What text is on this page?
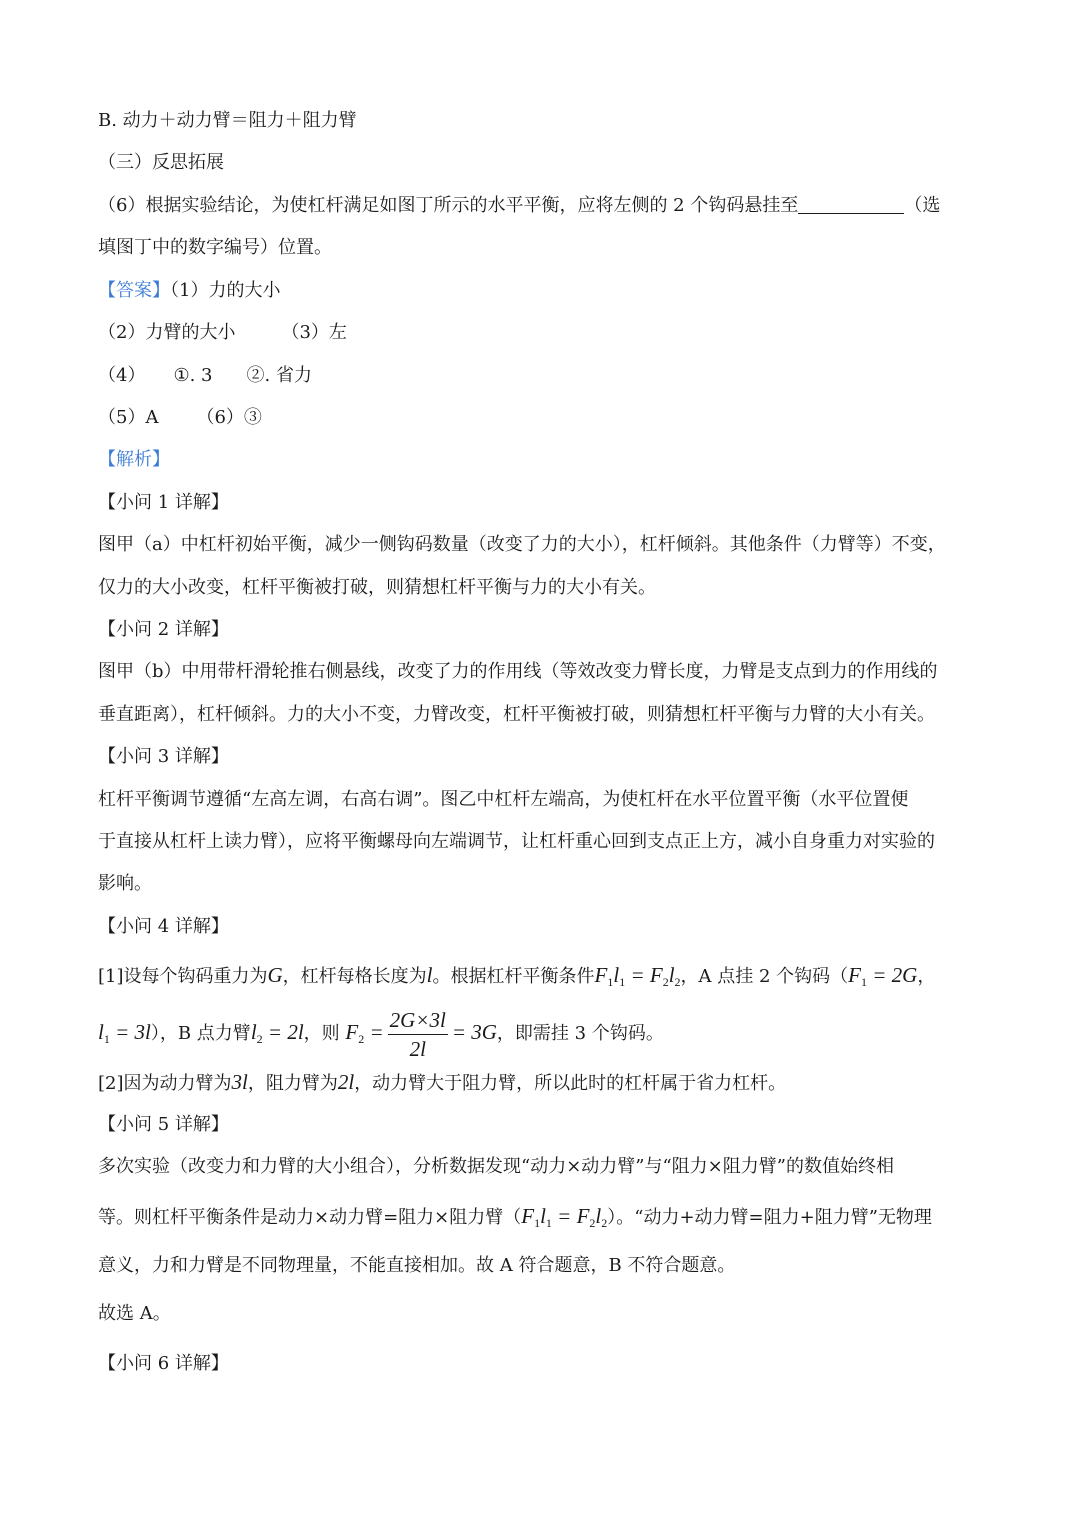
B. 动力＋动力臂＝阻力＋阻力臂
（三）反思拓展
（6）根据实验结论，为使杠杆满足如图丁所示的水平平衡，应将左侧的 2 个钩码悬挂至	（选
填图丁中的数字编号）位置。
【答案】（1）力的大小
（2）力臂的大小	（3）左
（4） ①. 3 ②. 省力
（5）A （6）③
【解析】
【小问 1 详解】
图甲（a）中杠杆初始平衡，减少一侧钩码数量（改变了力的大小），杠杆倾斜。其他条件（力臂等）不变，
仅力的大小改变，杠杆平衡被打破，则猜想杠杆平衡与力的大小有关。
【小问 2 详解】
图甲（b）中用带杆滑轮推右侧悬线，改变了力的作用线（等效改变力臂长度，力臂是支点到力的作用线的
垂直距离），杠杆倾斜。力的大小不变，力臂改变，杠杆平衡被打破，则猜想杠杆平衡与力臂的大小有关。
【小问 3 详解】
杠杆平衡调节遵循“左高左调，右高右调”。图乙中杠杆左端高，为使杠杆在水平位置平衡（水平位置便
于直接从杠杆上读力臂），应将平衡螺母向左端调节，让杠杆重心回到支点正上方，减小自身重力对实验的
影响。
【小问 4 详解】
[1]设每个钩码重力为G，杠杆每格长度为l。根据杠杆平衡条件$F_1l_1 = F_2l_2$，A 点挂 2 个钩码（$F_1 = 2G$，
$l_1 = 3l$），B 点力臂$l_2 = 2l$，则 $F_2 = \frac{2G\times 3l}{2l} = 3G$，即需挂 3 个钩码。
[2]因为动力臂为3l，阻力臂为2l，动力臂大于阻力臂，所以此时的杠杆属于省力杠杆。
【小问 5 详解】
多次实验（改变力和力臂的大小组合），分析数据发现“动力×动力臂”与“阻力×阻力臂”的数值始终相
等。则杠杆平衡条件是动力×动力臂=阻力×阻力臂$(F_1l_1 = F_2l_2)$。“动力+动力臂=阻力+阻力臂”无物理
意义，力和力臂是不同物理量，不能直接相加。故 A 符合题意，B 不符合题意。
故选 A。
【小问 6 详解】
